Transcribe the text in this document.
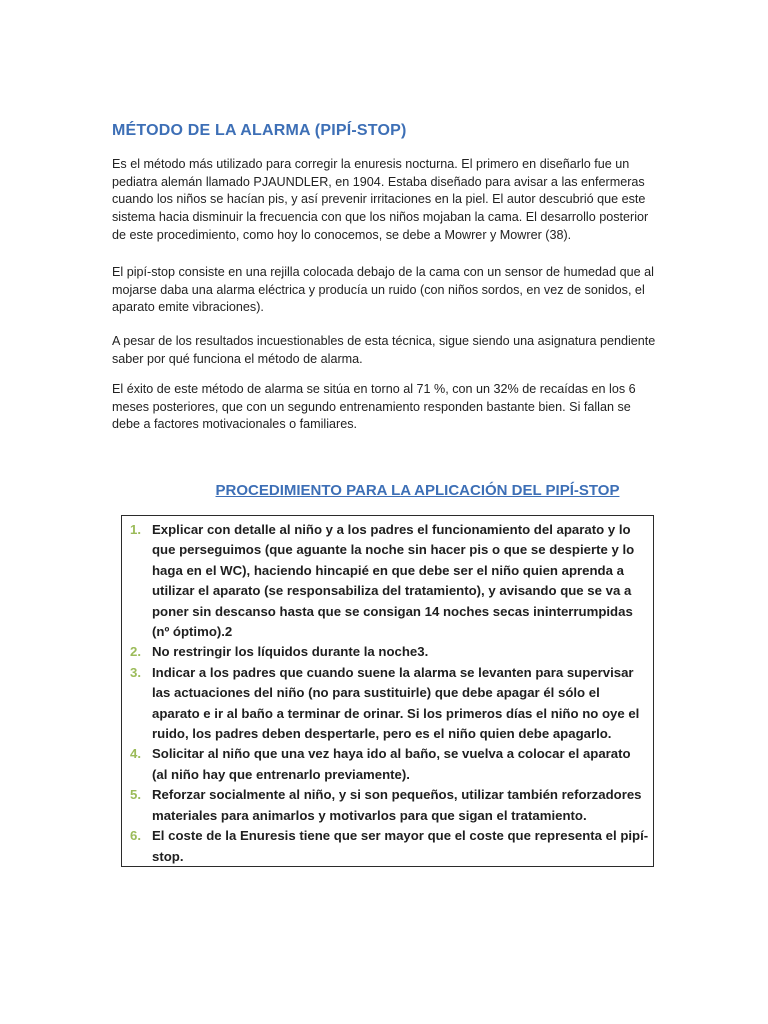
MÉTODO DE LA ALARMA (PIPÍ-STOP)

Es el método más utilizado para corregir la enuresis nocturna. El primero en diseñarlo fue un pediatra alemán llamado PJAUNDLER, en 1904. Estaba diseñado para avisar a las enfermeras cuando los niños se hacían pis, y así prevenir irritaciones en la piel. El autor descubrió que este sistema hacia disminuir la frecuencia con que los niños mojaban la cama. El desarrollo posterior de este procedimiento, como hoy lo conocemos, se debe a Mowrer y Mowrer (38).

El pipí-stop consiste en una rejilla colocada debajo de la cama con un sensor de humedad que al mojarse daba una alarma eléctrica y producía un ruido (con niños sordos, en vez de sonidos, el aparato emite vibraciones).

A pesar de los resultados incuestionables de esta técnica, sigue siendo una asignatura pendiente saber por qué funciona el método de alarma.

El éxito de este método de alarma se sitúa en torno al 71 %, con un 32% de recaídas en los 6 meses posteriores, que con un segundo entrenamiento responden bastante bien. Si fallan se debe a factores motivacionales o familiares.

PROCEDIMIENTO PARA LA APLICACIÓN DEL PIPÍ-STOP
1. Explicar con detalle al niño y a los padres el funcionamiento del aparato y lo que perseguimos (que aguante la noche sin hacer pis o que se despierte y lo haga en el WC), haciendo hincapié en que debe ser el niño quien aprenda a utilizar el aparato (se responsabiliza del tratamiento), y avisando que se va a poner sin descanso hasta que se consigan 14 noches secas ininterrumpidas (nº óptimo).2
2. No restringir los líquidos durante la noche3.
3. Indicar a los padres que cuando suene la alarma se levanten para supervisar las actuaciones del niño (no para sustituirle) que debe apagar él sólo el aparato e ir al baño a terminar de orinar. Si los primeros días el niño no oye el ruido, los padres deben despertarle, pero es el niño quien debe apagarlo.
4. Solicitar al niño que una vez haya ido al baño, se vuelva a colocar el aparato (al niño hay que entrenarlo previamente).
5. Reforzar socialmente al niño, y si son pequeños, utilizar también reforzadores materiales para animarlos y motivarlos para que sigan el tratamiento.
6. El coste de la Enuresis tiene que ser mayor que el coste que representa el pipí-stop.
